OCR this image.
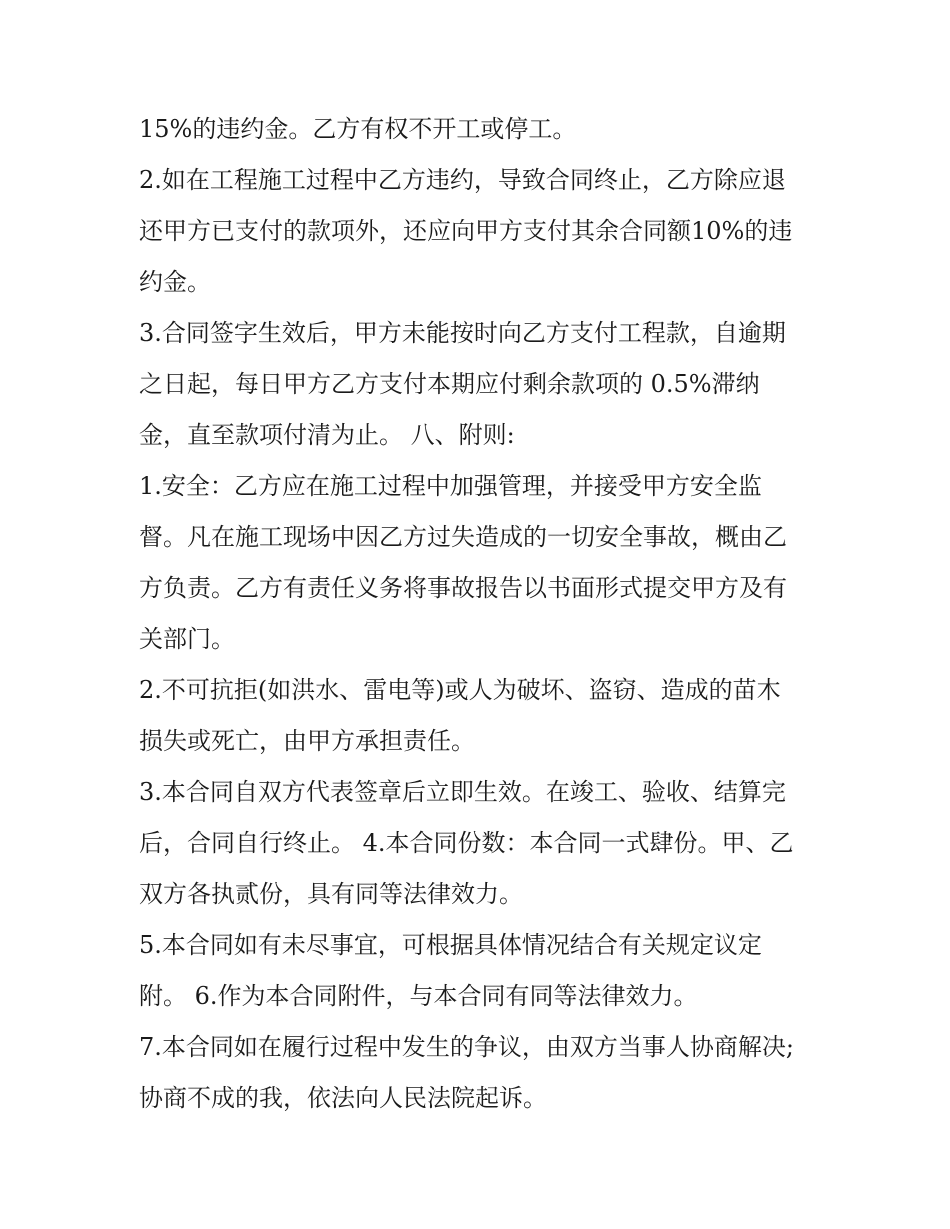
15%的违约金。乙方有权不开工或停工。
2.如在工程施工过程中乙方违约，导致合同终止，乙方除应退
还甲方已支付的款项外，还应向甲方支付其余合同额10%的违
约金。
3.合同签字生效后，甲方未能按时向乙方支付工程款，自逾期
之日起，每日甲方乙方支付本期应付剩余款项的 0.5%滞纳
金，直至款项付清为止。 八、附则:
1.安全：乙方应在施工过程中加强管理，并接受甲方安全监
督。凡在施工现场中因乙方过失造成的一切安全事故，概由乙
方负责。乙方有责任义务将事故报告以书面形式提交甲方及有
关部门。
2.不可抗拒(如洪水、雷电等)或人为破坏、盗窃、造成的苗木
损失或死亡，由甲方承担责任。
3.本合同自双方代表签章后立即生效。在竣工、验收、结算完
后，合同自行终止。 4.本合同份数：本合同一式肆份。甲、乙
双方各执贰份，具有同等法律效力。
5.本合同如有未尽事宜，可根据具体情况结合有关规定议定
附。 6.作为本合同附件，与本合同有同等法律效力。
7.本合同如在履行过程中发生的争议，由双方当事人协商解决;
协商不成的我，依法向人民法院起诉。
